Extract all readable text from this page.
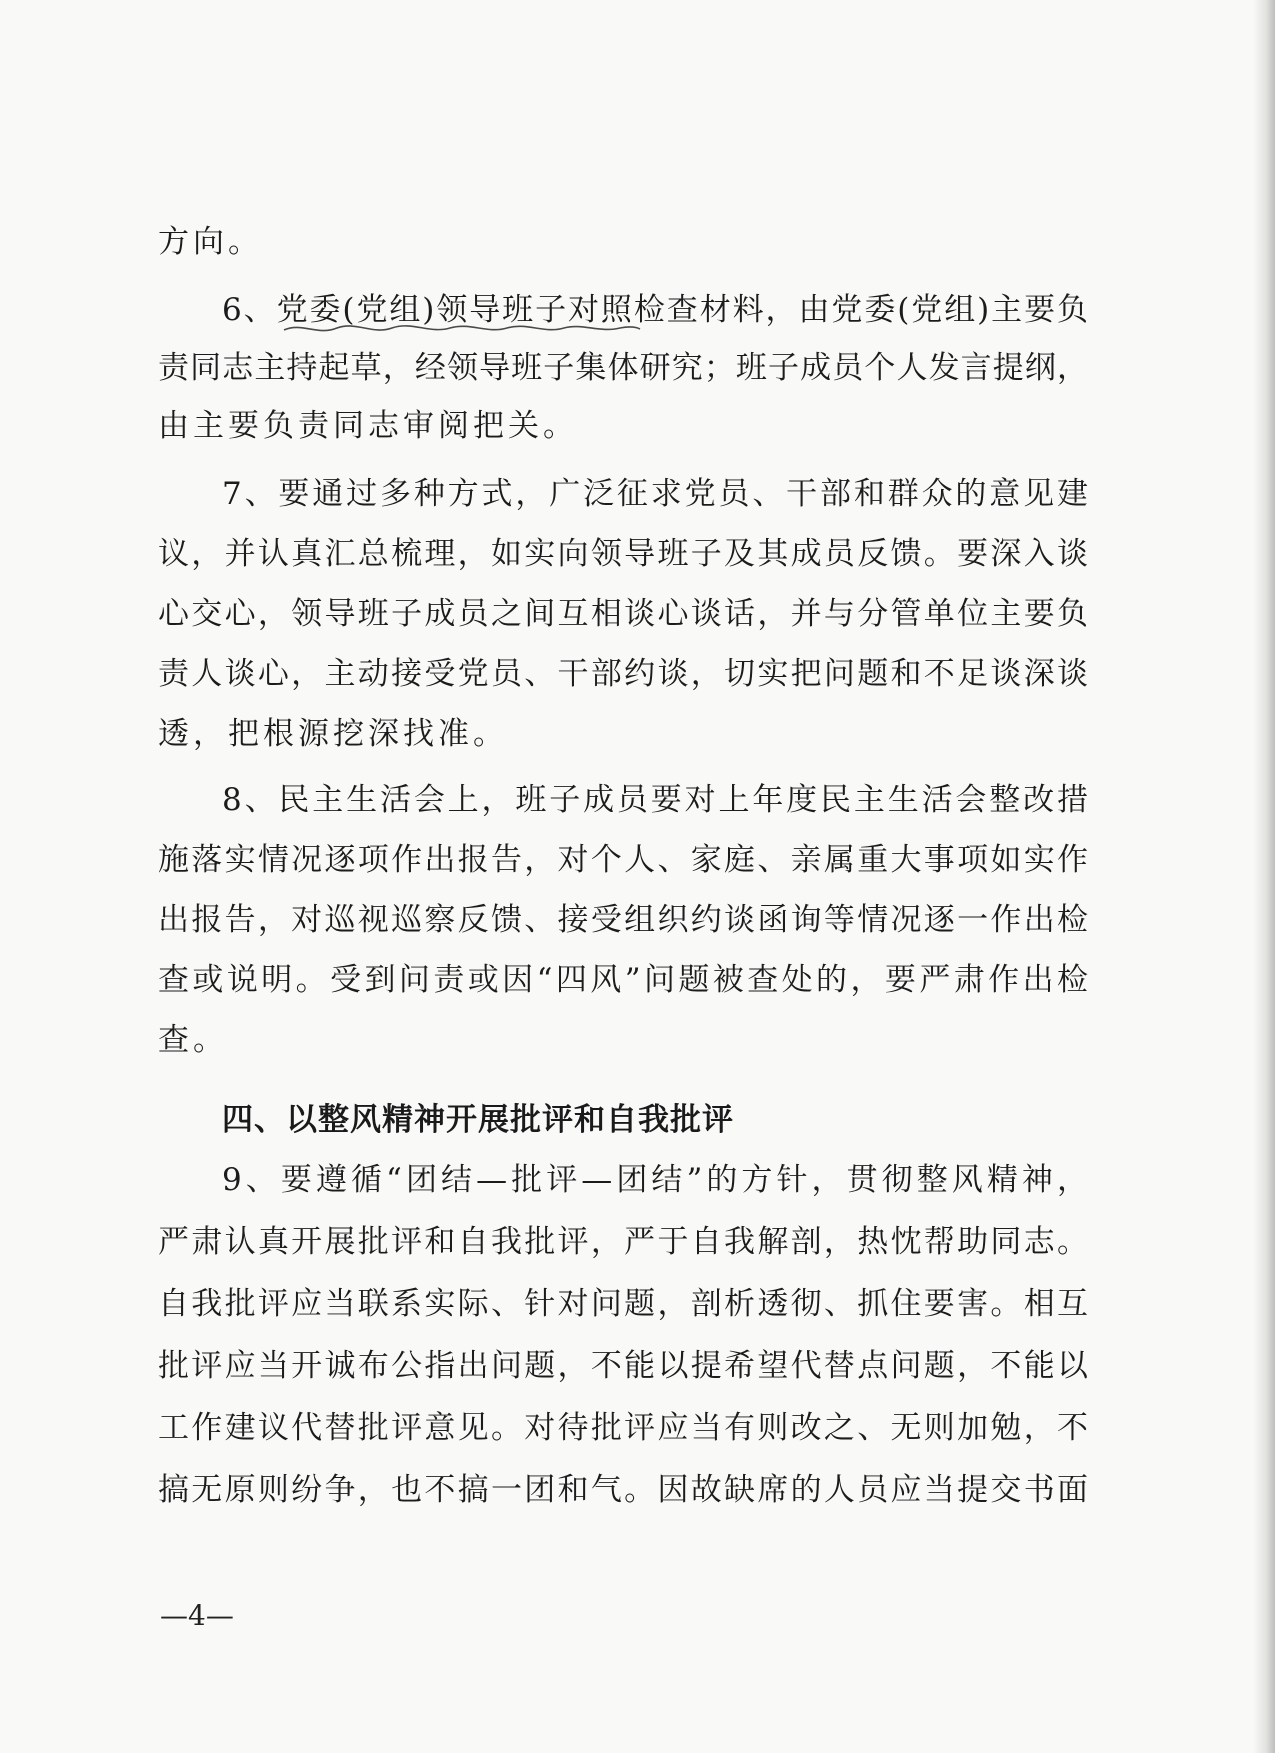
方向。
6、党委(党组)领导班子对照检查材料，由党委(党组)主要负
责同志主持起草，经领导班子集体研究；班子成员个人发言提纲，
由主要负责同志审阅把关。
7、要通过多种方式，广泛征求党员、干部和群众的意见建
议，并认真汇总梳理，如实向领导班子及其成员反馈。要深入谈
心交心，领导班子成员之间互相谈心谈话，并与分管单位主要负
责人谈心，主动接受党员、干部约谈，切实把问题和不足谈深谈
透，把根源挖深找准。
8、民主生活会上，班子成员要对上年度民主生活会整改措
施落实情况逐项作出报告，对个人、家庭、亲属重大事项如实作
出报告，对巡视巡察反馈、接受组织约谈函询等情况逐一作出检
查或说明。受到问责或因“四风”问题被查处的，要严肃作出检
查。
四、以整风精神开展批评和自我批评
9、要遵循“团结—批评—团结”的方针，贯彻整风精神，
严肃认真开展批评和自我批评，严于自我解剖，热忱帮助同志。
自我批评应当联系实际、针对问题，剖析透彻、抓住要害。相互
批评应当开诚布公指出问题，不能以提希望代替点问题，不能以
工作建议代替批评意见。对待批评应当有则改之、无则加勉，不
搞无原则纷争，也不搞一团和气。因故缺席的人员应当提交书面
—4—
